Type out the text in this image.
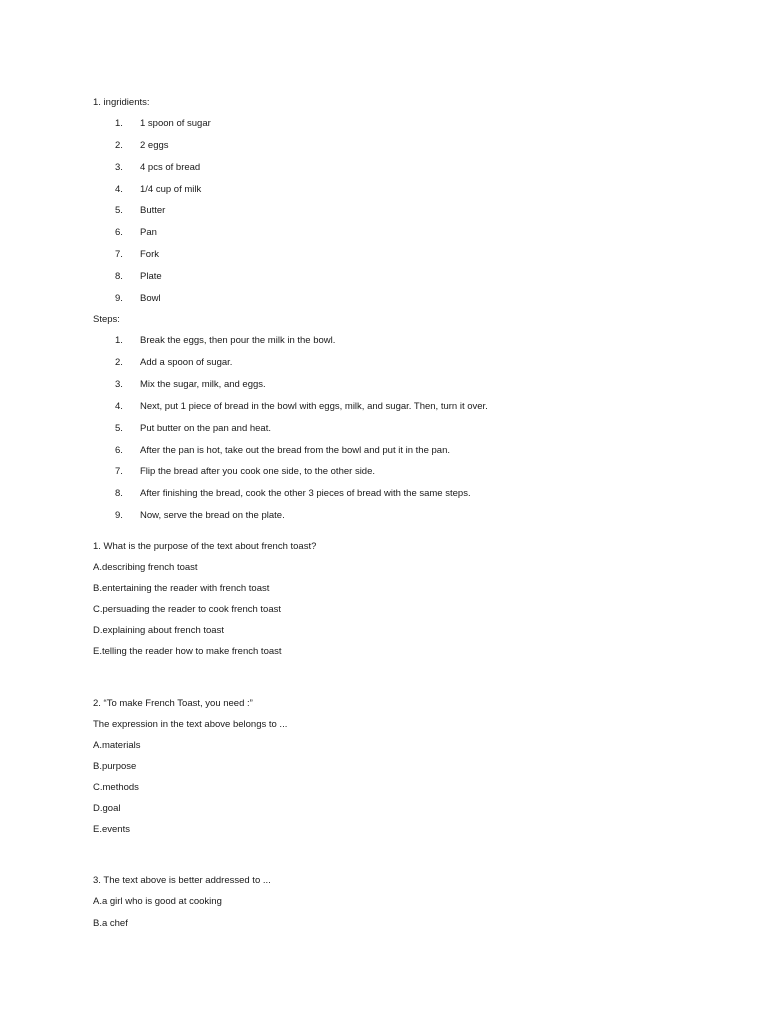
1. ingridients:
1.	1 spoon of sugar
2.	2 eggs
3.	4 pcs of bread
4.	1/4 cup of milk
5.	Butter
6.	Pan
7.	Fork
8.	Plate
9.	Bowl
Steps:
1.	Break the eggs, then pour the milk in the bowl.
2.	Add a spoon of sugar.
3.	Mix the sugar, milk, and eggs.
4.	Next, put 1 piece of bread in the bowl with eggs, milk, and sugar. Then, turn it over.
5.	Put butter on the pan and heat.
6.	After the pan is hot, take out the bread from the bowl and put it in the pan.
7.	Flip the bread after you cook one side, to the other side.
8.	After finishing the bread, cook the other 3 pieces of bread with the same steps.
9.	Now, serve the bread on the plate.
1. What is the purpose of the text about french toast?
A.describing french toast
B.entertaining the reader with french toast
C.persuading the reader to cook french toast
D.explaining about french toast
E.telling the reader how to make french toast
2. “To make French Toast, you need :”
The expression in the text above belongs to ...
A.materials
B.purpose
C.methods
D.goal
E.events
3. The text above is better addressed to ...
A.a girl who is good at cooking
B.a chef
